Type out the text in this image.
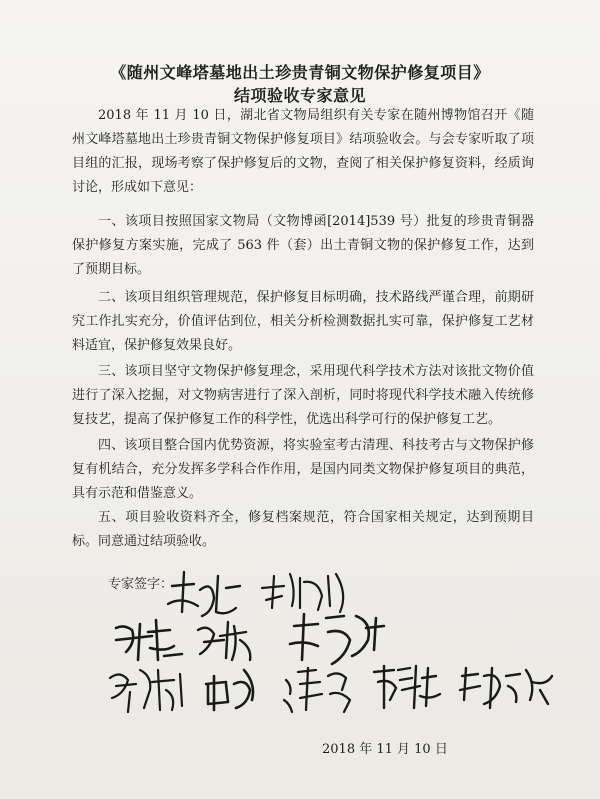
《随州文峰塔墓地出土珍贵青铜文物保护修复项目》
结项验收专家意见
2018 年 11 月 10 日，湖北省文物局组织有关专家在随州博物馆召开《随州文峰塔墓地出土珍贵青铜文物保护修复项目》结项验收会。与会专家听取了项目组的汇报，现场考察了保护修复后的文物，查阅了相关保护修复资料，经质询讨论，形成如下意见：
一、该项目按照国家文物局（文物博函[2014]539 号）批复的珍贵青铜器保护修复方案实施，完成了 563 件（套）出土青铜文物的保护修复工作，达到了预期目标。
二、该项目组织管理规范，保护修复目标明确，技术路线严谨合理，前期研究工作扎实充分，价值评估到位，相关分析检测数据扎实可靠，保护修复工艺材料适宜，保护修复效果良好。
三、该项目坚守文物保护修复理念，采用现代科学技术方法对该批文物价值进行了深入挖掘，对文物病害进行了深入剖析，同时将现代科学技术融入传统修复技艺，提高了保护修复工作的科学性，优选出科学可行的保护修复工艺。
四、该项目整合国内优势资源，将实验室考古清理、科技考古与文物保护修复有机结合，充分发挥多学科合作作用，是国内同类文物保护修复项目的典范，具有示范和借鉴意义。
五、项目验收资料齐全，修复档案规范，符合国家相关规定，达到预期目标。 同意通过结项验收。
专家签字：
2018 年 11 月 10 日
